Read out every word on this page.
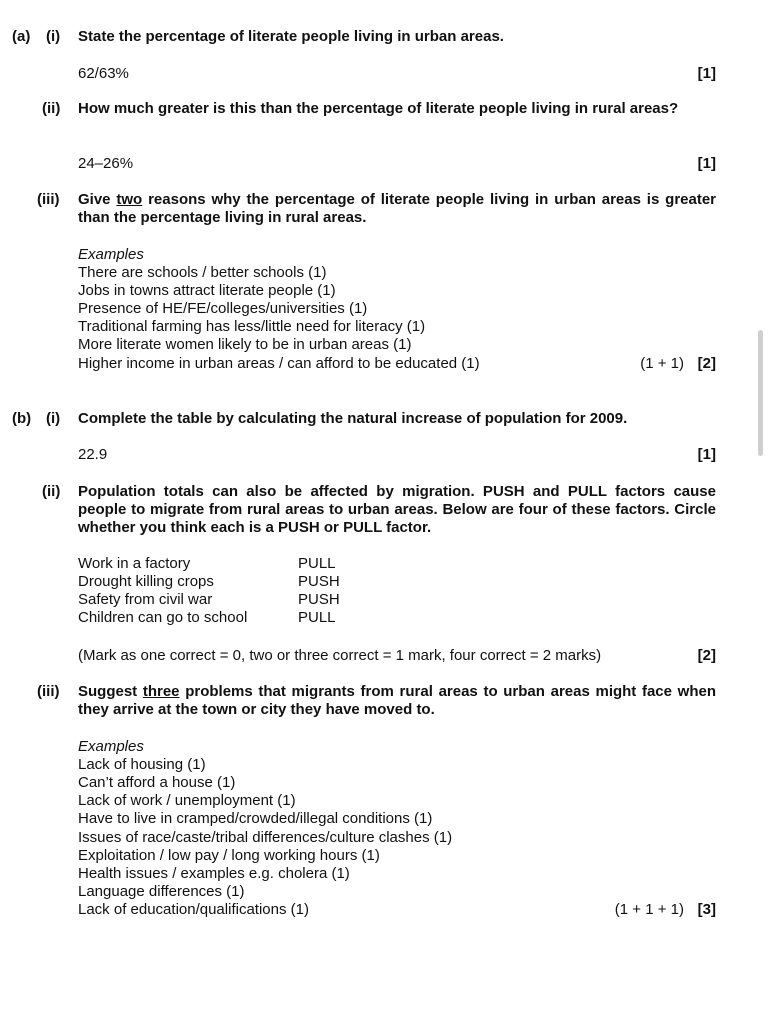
(a) (i) State the percentage of literate people living in urban areas.
62/63%	[1]
(ii) How much greater is this than the percentage of literate people living in rural areas?
24–26%	[1]
(iii) Give two reasons why the percentage of literate people living in urban areas is greater than the percentage living in rural areas.
Examples
There are schools / better schools (1)
Jobs in towns attract literate people (1)
Presence of HE/FE/colleges/universities (1)
Traditional farming has less/little need for literacy (1)
More literate women likely to be in urban areas (1)
Higher income in urban areas / can afford to be educated (1)	(1 + 1) [2]
(b) (i) Complete the table by calculating the natural increase of population for 2009.
22.9	[1]
(ii) Population totals can also be affected by migration. PUSH and PULL factors cause people to migrate from rural areas to urban areas. Below are four of these factors. Circle whether you think each is a PUSH or PULL factor.
Work in a factory	PULL
Drought killing crops	PUSH
Safety from civil war	PUSH
Children can go to school	PULL
(Mark as one correct = 0, two or three correct = 1 mark, four correct = 2 marks)	[2]
(iii) Suggest three problems that migrants from rural areas to urban areas might face when they arrive at the town or city they have moved to.
Examples
Lack of housing (1)
Can’t afford a house (1)
Lack of work / unemployment (1)
Have to live in cramped/crowded/illegal conditions (1)
Issues of race/caste/tribal differences/culture clashes (1)
Exploitation / low pay / long working hours (1)
Health issues / examples e.g. cholera (1)
Language differences (1)
Lack of education/qualifications (1)	(1 + 1 + 1) [3]
